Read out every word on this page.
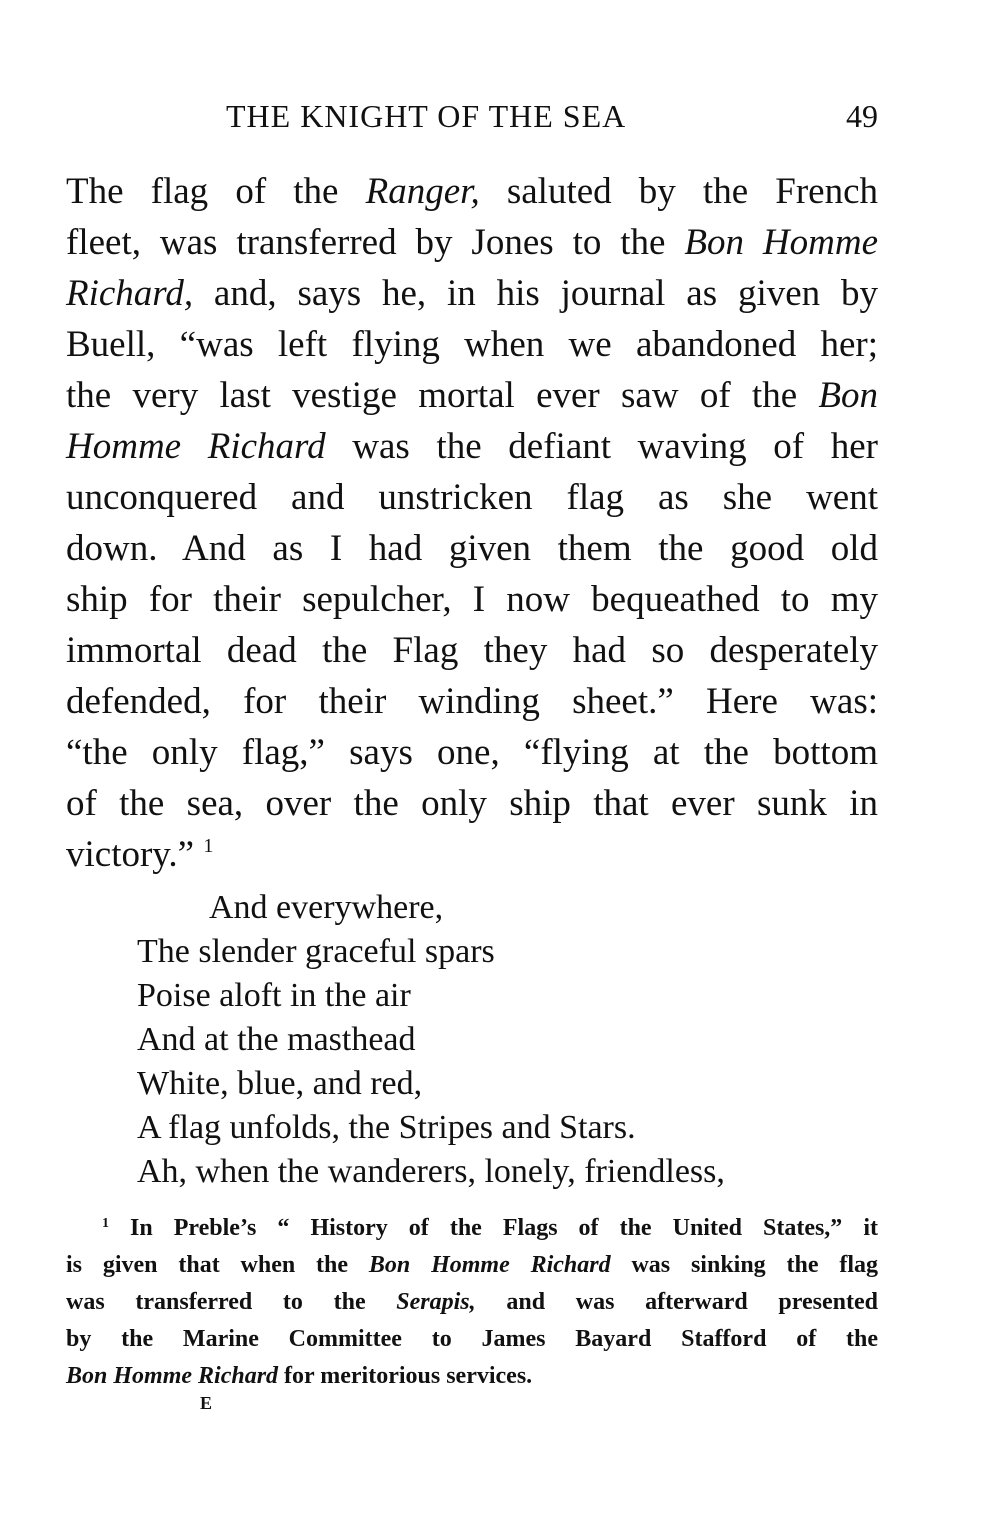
THE KNIGHT OF THE SEA	49
The flag of the Ranger, saluted by the French
fleet, was transferred by Jones to the Bon Homme
Richard, and, says he, in his journal as given by
Buell, “was left flying when we abandoned her;
the very last vestige mortal ever saw of the Bon
Homme Richard was the defiant waving of her
unconquered and unstricken flag as she went
down. And as I had given them the good old
ship for their sepulcher, I now bequeathed to my
immortal dead the Flag they had so desperately
defended, for their winding sheet.” Here was:
“the only flag,” says one, “flying at the bottom
of the sea, over the only ship that ever sunk in
victory.” $^1$
And everywhere,
The slender graceful spars
Poise aloft in the air
And at the masthead
White, blue, and red,
A flag unfolds, the Stripes and Stars.
Ah, when the wanderers, lonely, friendless,
$^1$ In Preble’s “ History of the Flags of the United States,” it
is given that when the Bon Homme Richard was sinking the flag
was transferred to the Serapis, and was afterward presented
by the Marine Committee to James Bayard Stafford of the
Bon Homme Richard for meritorious services.
E
